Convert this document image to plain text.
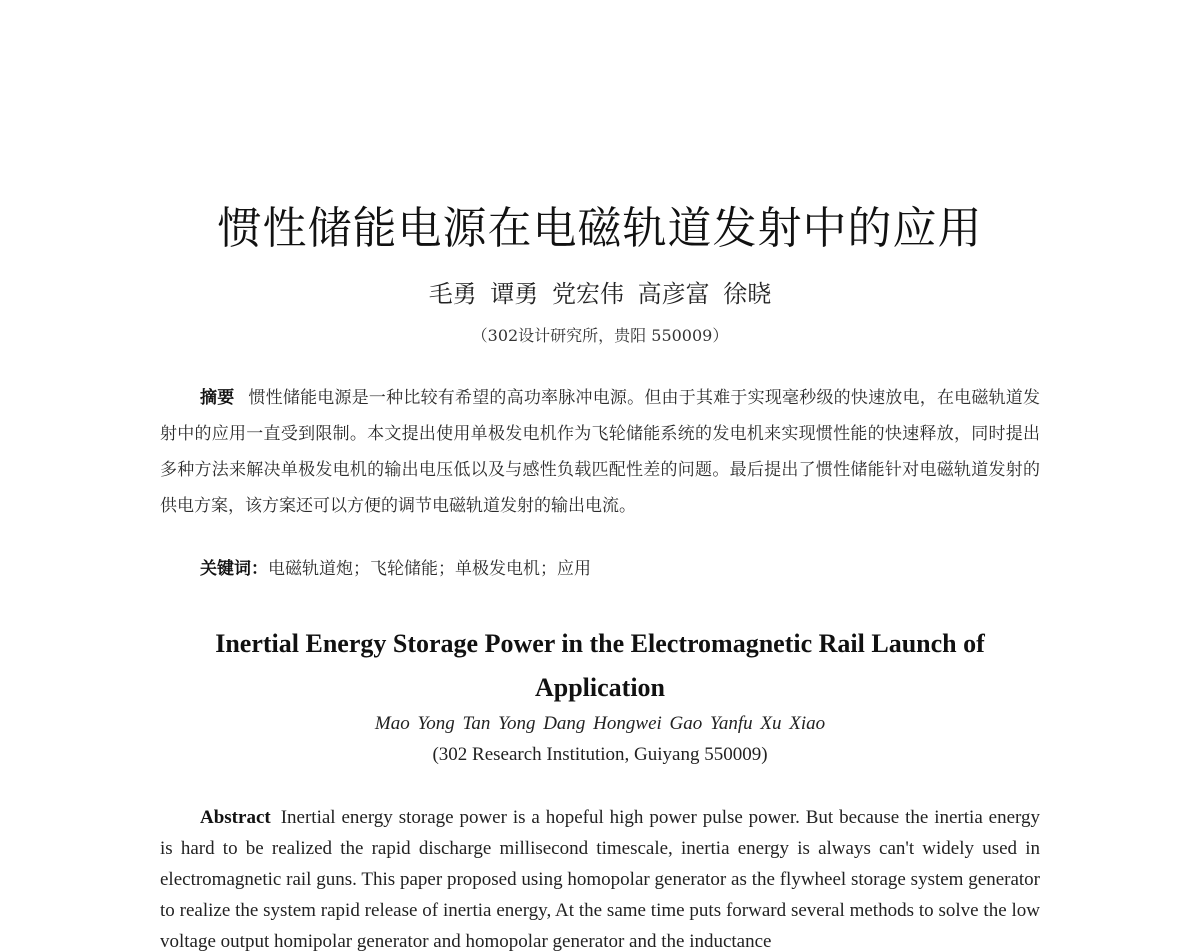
惯性储能电源在电磁轨道发射中的应用
毛勇 谭勇 党宏伟 高彦富 徐晓
（302设计研究所，贵阳 550009）

摘要 惯性储能电源是一种比较有希望的高功率脉冲电源。但由于其难于实现毫秒级的快速放电，在电磁轨道发射中的应用一直受到限制。本文提出使用单极发电机作为飞轮储能系统的发电机来实现惯性能的快速释放，同时提出多种方法来解决单极发电机的输出电压低以及与感性负载匹配性差的问题。最后提出了惯性储能针对电磁轨道发射的供电方案，该方案还可以方便的调节电磁轨道发射的输出电流。

关键词：电磁轨道炮；飞轮储能；单极发电机；应用
Inertial Energy Storage Power in the Electromagnetic Rail Launch of Application
Mao Yong Tan Yong Dang Hongwei Gao Yanfu Xu Xiao
(302 Research Institution, Guiyang 550009)

Abstract Inertial energy storage power is a hopeful high power pulse power. But because the inertia energy is hard to be realized the rapid discharge millisecond timescale, inertia energy is always can't widely used in electromagnetic rail guns. This paper proposed using homopolar generator as the flywheel storage system generator to realize the system rapid release of inertia energy, At the same time puts forward several methods to solve the low voltage output homipolar generator and homopolar generator and the inductance
